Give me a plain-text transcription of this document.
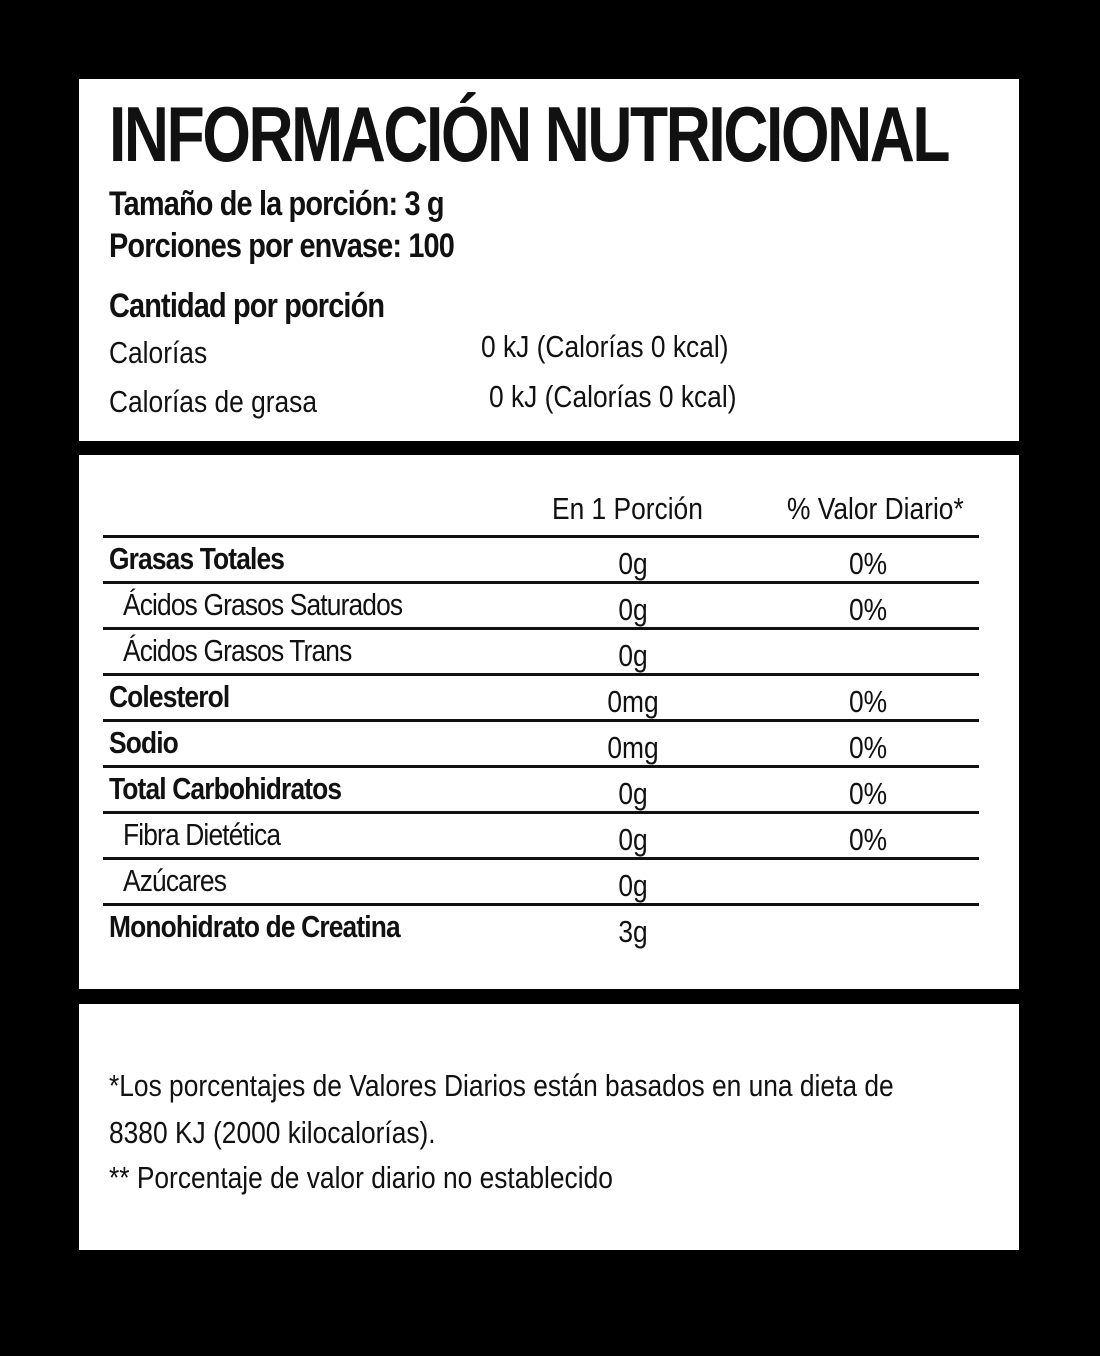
INFORMACIÓN NUTRICIONAL
Tamaño de la porción: 3 g
Porciones por envase: 100
Cantidad por porción
Calorías	0 kJ (Calorías 0 kcal)
Calorías de grasa	0 kJ (Calorías 0 kcal)
En 1 Porción	% Valor Diario*
Grasas Totales	0g	0%
Ácidos Grasos Saturados	0g	0%
Ácidos Grasos Trans	0g
Colesterol	0mg	0%
Sodio	0mg	0%
Total Carbohidratos	0g	0%
Fibra Dietética	0g	0%
Azúcares	0g
Monohidrato de Creatina	3g
*Los porcentajes de Valores Diarios están basados en una dieta de
8380 KJ (2000 kilocalorías).
** Porcentaje de valor diario no establecido
